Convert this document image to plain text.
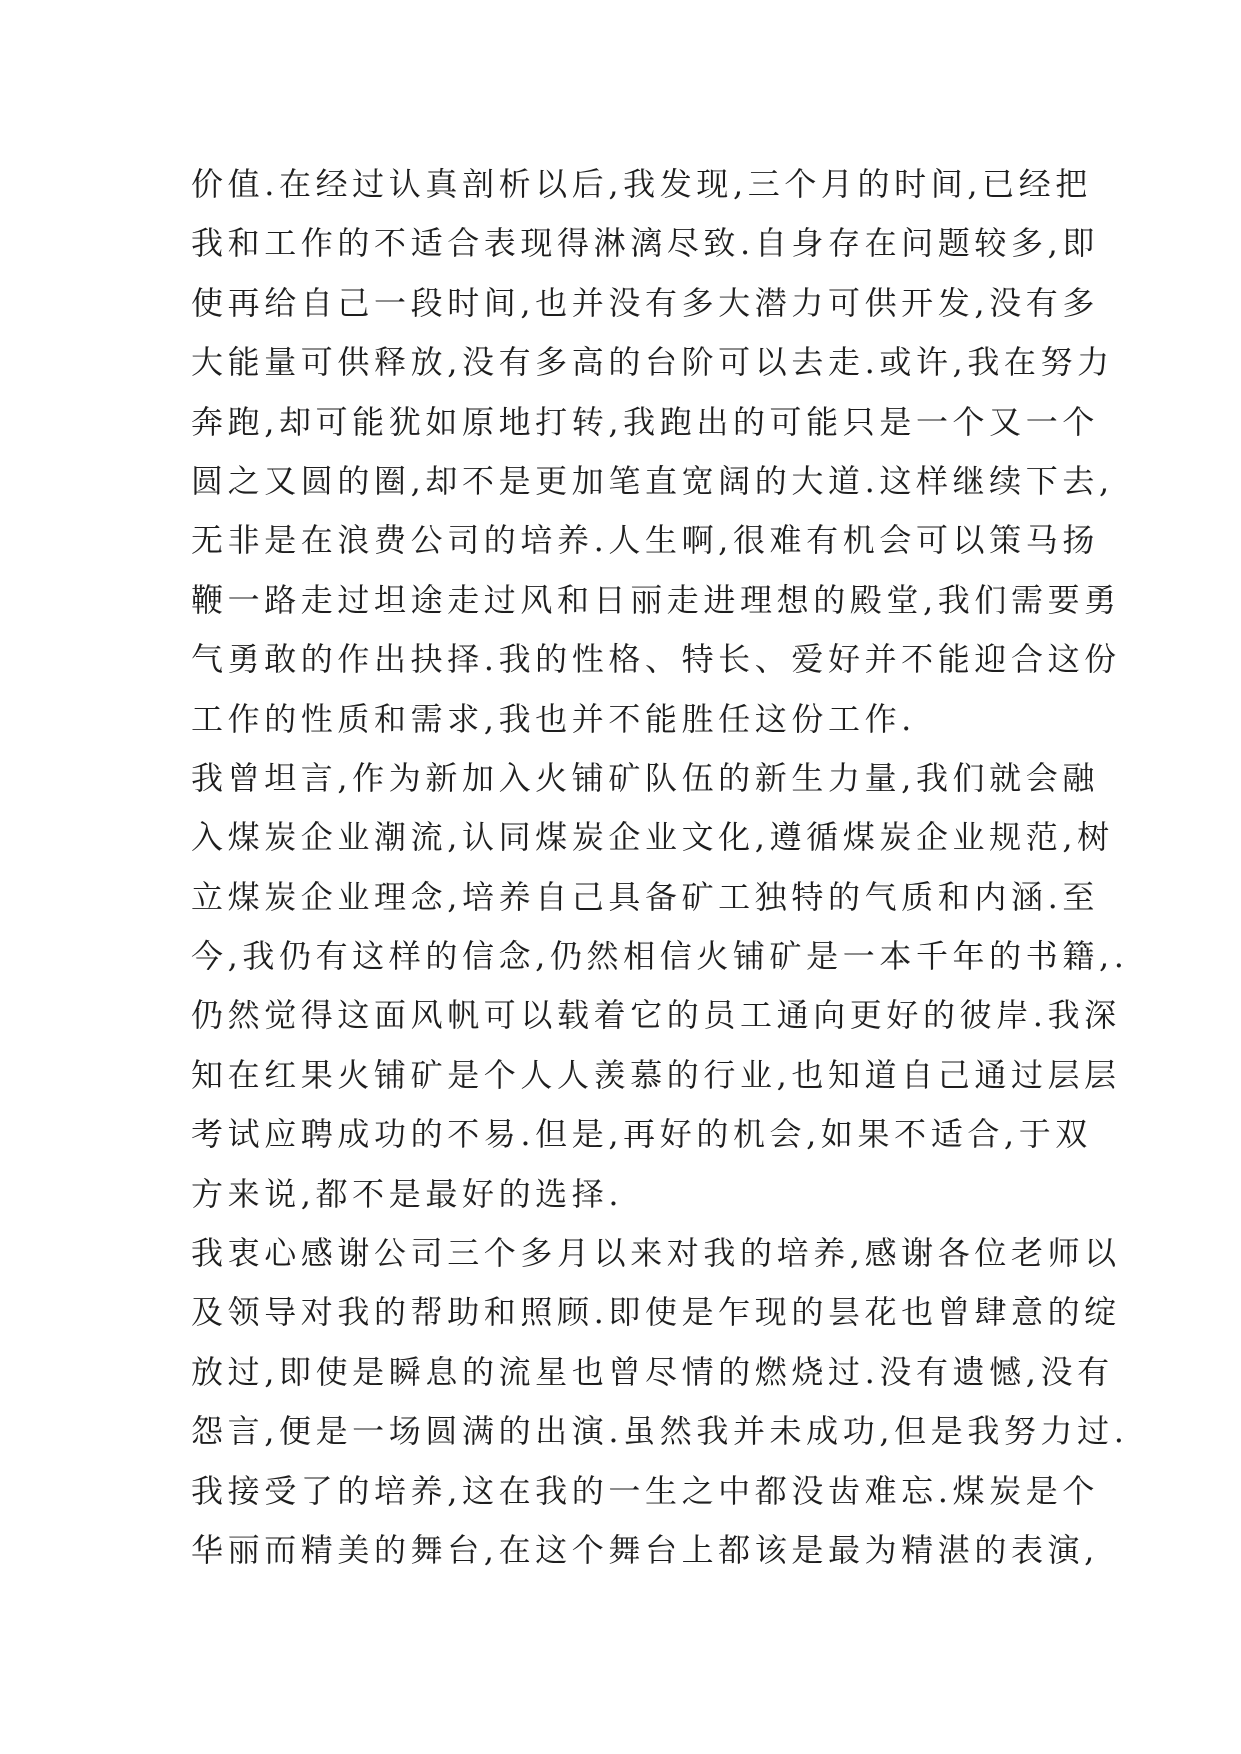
价值.在经过认真剖析以后,我发现,三个月的时间,已经把
我和工作的不适合表现得淋漓尽致.自身存在问题较多,即
使再给自己一段时间,也并没有多大潜力可供开发,没有多
大能量可供释放,没有多高的台阶可以去走.或许,我在努力
奔跑,却可能犹如原地打转,我跑出的可能只是一个又一个
圆之又圆的圈,却不是更加笔直宽阔的大道.这样继续下去,
无非是在浪费公司的培养.人生啊,很难有机会可以策马扬
鞭一路走过坦途走过风和日丽走进理想的殿堂,我们需要勇
气勇敢的作出抉择.我的性格、特长、爱好并不能迎合这份
工作的性质和需求,我也并不能胜任这份工作.
我曾坦言,作为新加入火铺矿队伍的新生力量,我们就会融
入煤炭企业潮流,认同煤炭企业文化,遵循煤炭企业规范,树
立煤炭企业理念,培养自己具备矿工独特的气质和内涵.至
今,我仍有这样的信念,仍然相信火铺矿是一本千年的书籍,.
仍然觉得这面风帆可以载着它的员工通向更好的彼岸.我深
知在红果火铺矿是个人人羡慕的行业,也知道自己通过层层
考试应聘成功的不易.但是,再好的机会,如果不适合,于双
方来说,都不是最好的选择.
我衷心感谢公司三个多月以来对我的培养,感谢各位老师以
及领导对我的帮助和照顾.即使是乍现的昙花也曾肆意的绽
放过,即使是瞬息的流星也曾尽情的燃烧过.没有遗憾,没有
怨言,便是一场圆满的出演.虽然我并未成功,但是我努力过.
我接受了的培养,这在我的一生之中都没齿难忘.煤炭是个
华丽而精美的舞台,在这个舞台上都该是最为精湛的表演,
